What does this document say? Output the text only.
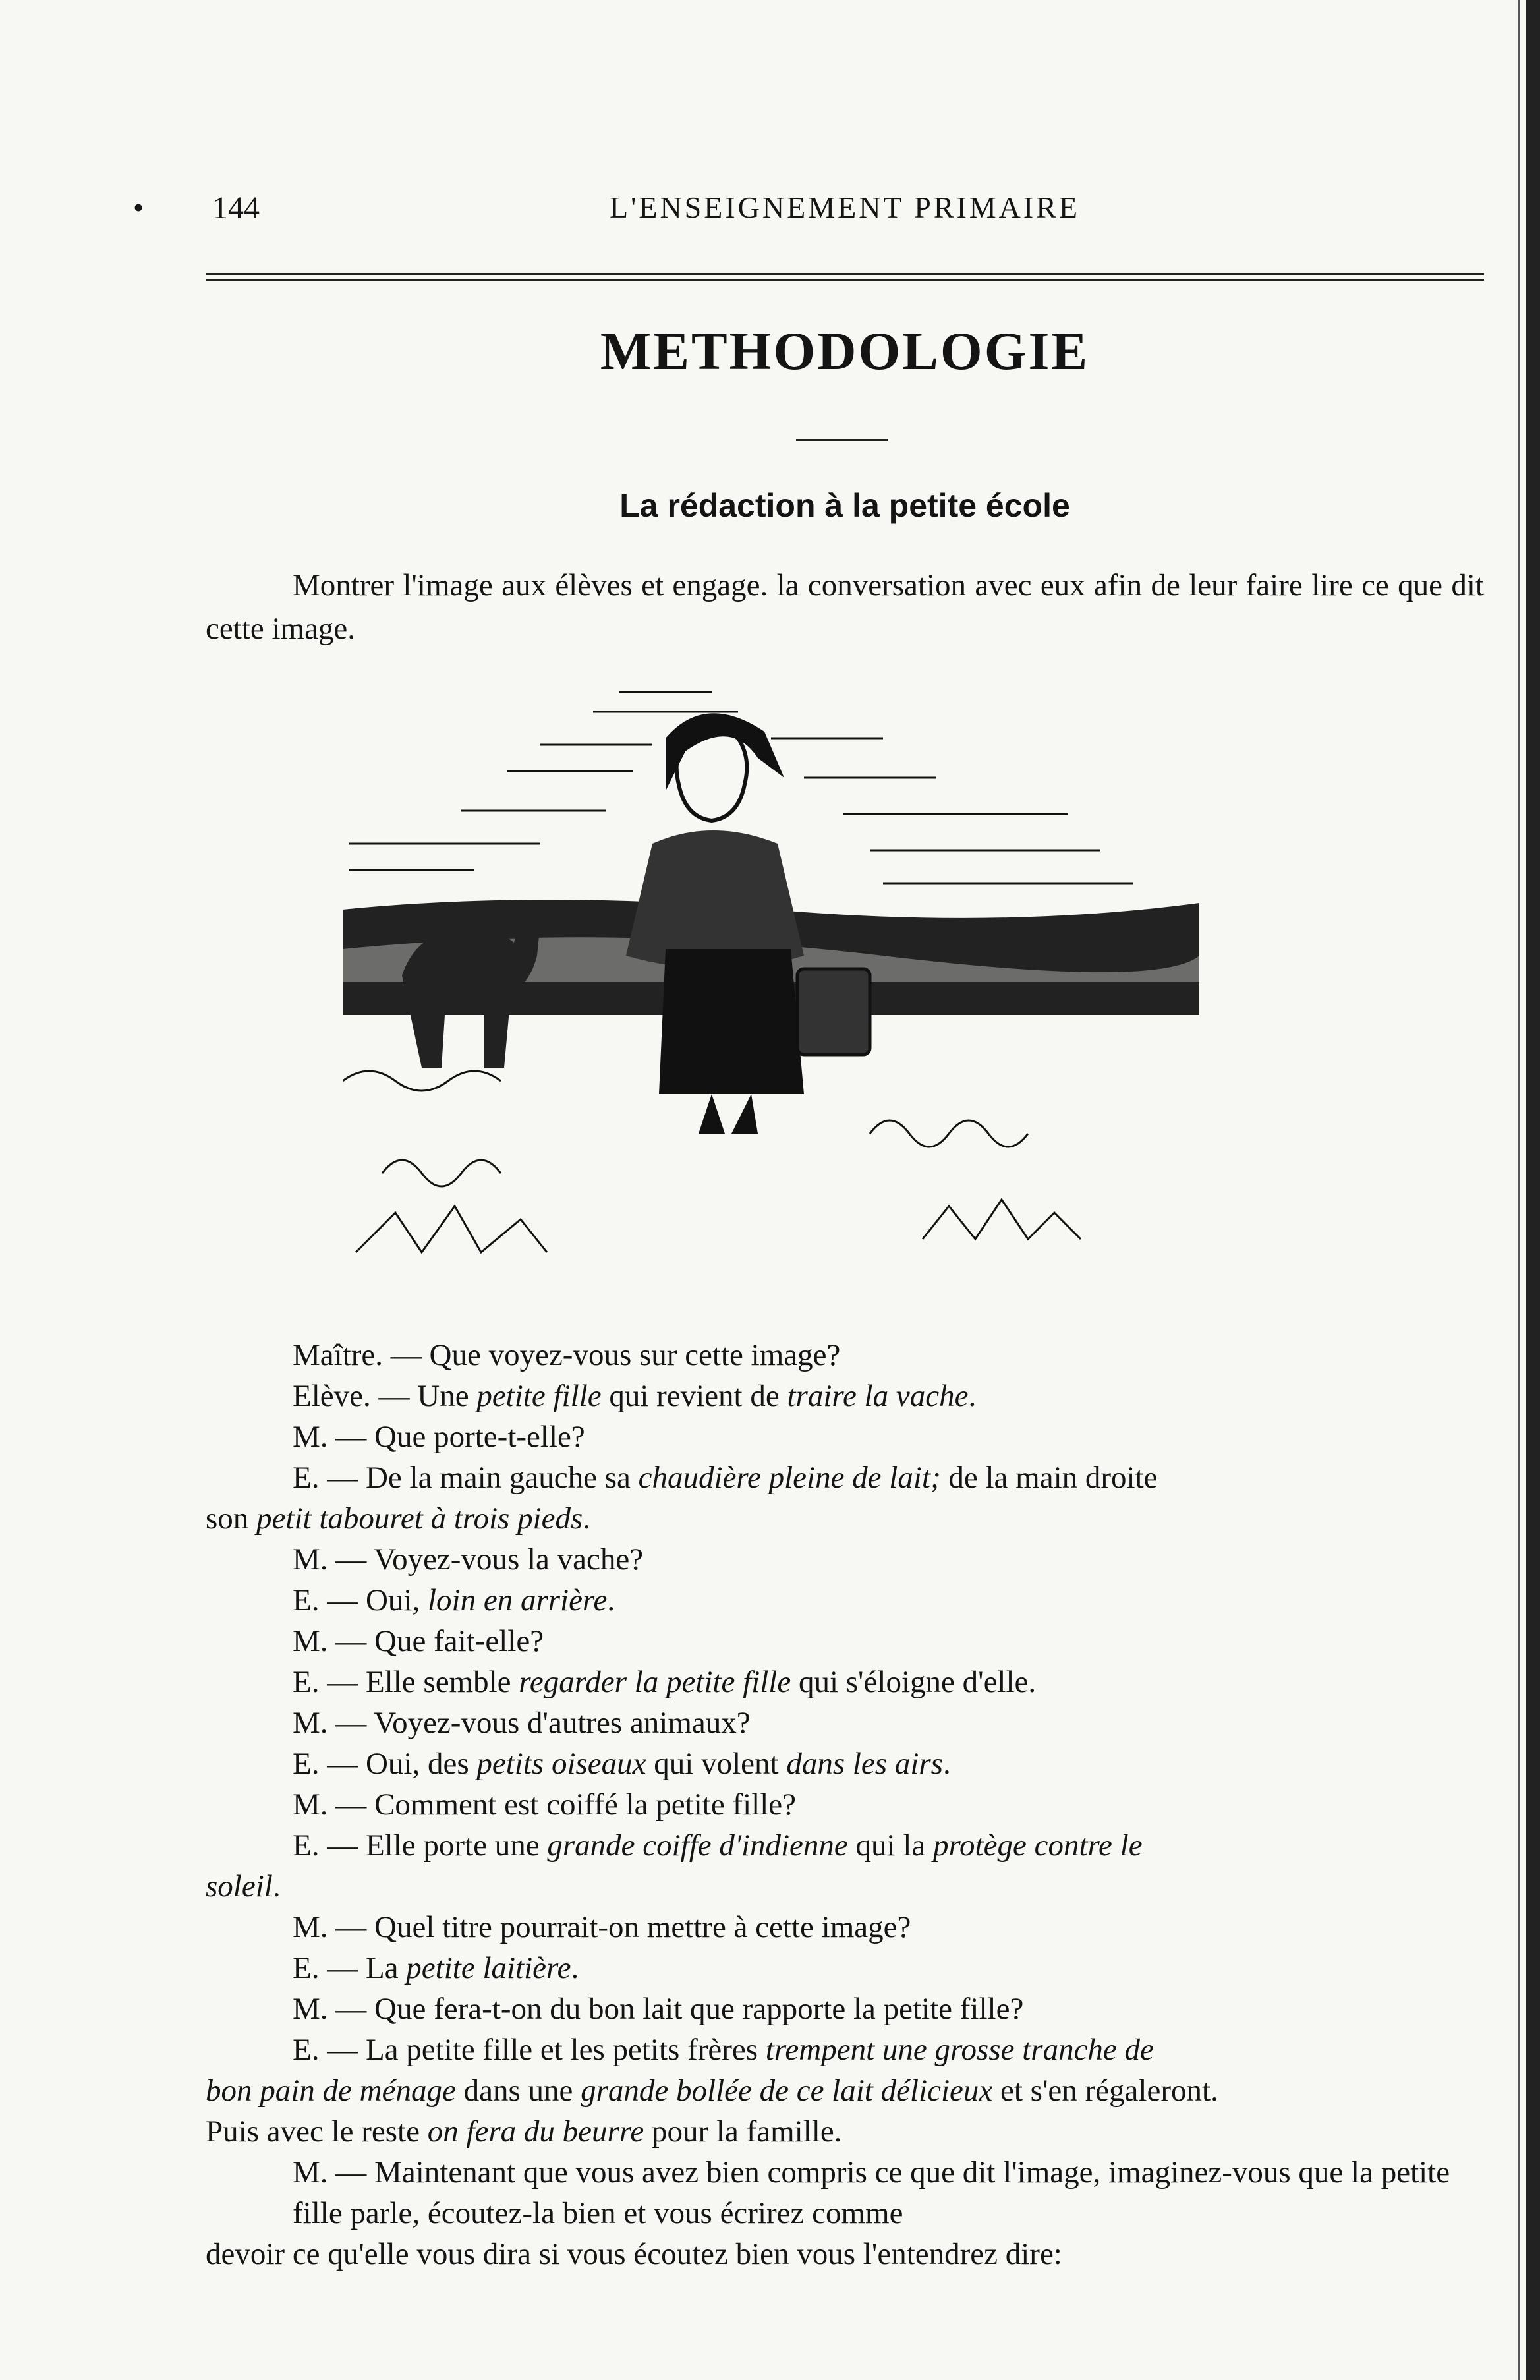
• 144	L'ENSEIGNEMENT PRIMAIRE
METHODOLOGIE
La rédaction à la petite école
Montrer l'image aux élèves et engage. la conversation avec eux afin de leur faire lire ce que dit cette image.
Maître. — Que voyez-vous sur cette image?
Elève. — Une petite fille qui revient de traire la vache.
M. — Que porte-t-elle?
E. — De la main gauche sa chaudière pleine de lait; de la main droite
son petit tabouret à trois pieds.
M. — Voyez-vous la vache?
E. — Oui, loin en arrière.
M. — Que fait-elle?
E. — Elle semble regarder la petite fille qui s'éloigne d'elle.
M. — Voyez-vous d'autres animaux?
E. — Oui, des petits oiseaux qui volent dans les airs.
M. — Comment est coiffé la petite fille?
E. — Elle porte une grande coiffe d'indienne qui la protège contre le
soleil.
M. — Quel titre pourrait-on mettre à cette image?
E. — La petite laitière.
M. — Que fera-t-on du bon lait que rapporte la petite fille?
E. — La petite fille et les petits frères trempent une grosse tranche de
bon pain de ménage dans une grande bollée de ce lait délicieux et s'en régaleront.
Puis avec le reste on fera du beurre pour la famille.
M. — Maintenant que vous avez bien compris ce que dit l'image, imaginez-vous que la petite fille parle, écoutez-la bien et vous écrirez comme
devoir ce qu'elle vous dira si vous écoutez bien vous l'entendrez dire:
